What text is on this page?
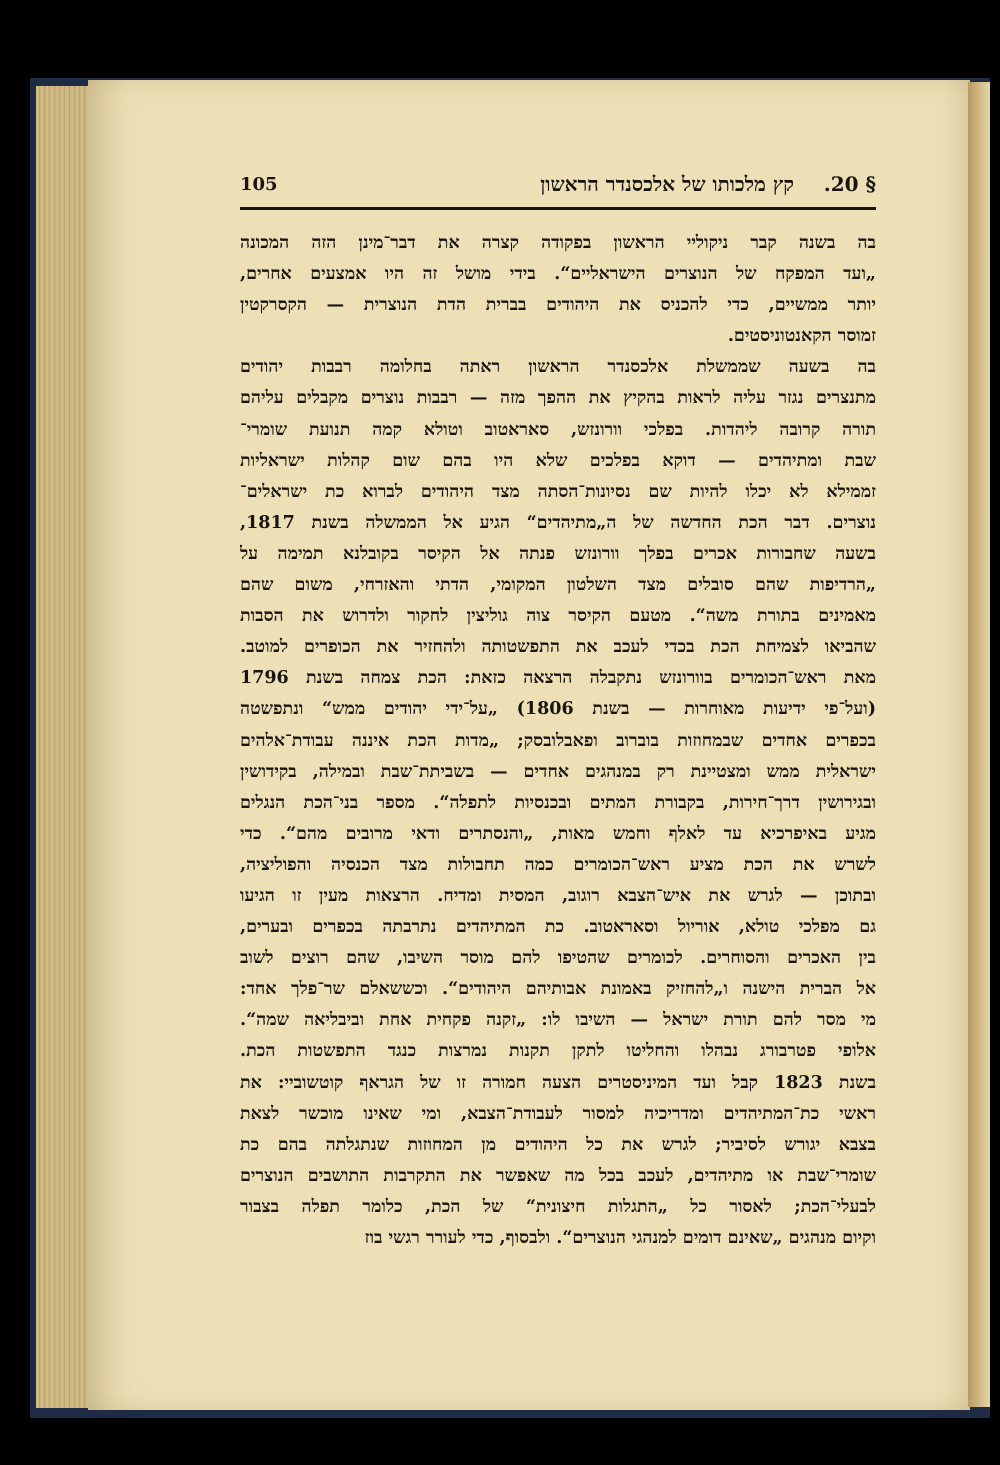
§ 20.
קץ מלכותו של אלכסנדר הראשון
105
בה בשנה קבר ניקוליי הראשון בפקודה קצרה את דבר־מינן הזה המכונה
„ועד המפקח של הנוצרים הישראליים“. בידי מושל זה היו אמצעים אחרים,
יותר ממשיים, כדי להכניס את היהודים בברית הדת הנוצרית — הקסרקטין
זמוסר הקאנטוניסטים.
בה בשעה שממשלת אלכסנדר הראשון ראתה בחלומה רבבות יהודים
מתנצרים נגזר עליה לראות בהקיץ את ההפך מזה — רבבות נוצרים מקבלים עליהם
תורה קרובה ליהדות. בפלכי וורונזש, סאראטוב וטולא קמה תנועת שומרי־
שבת ומתיהדים — דוקא בפלכים שלא היו בהם שום קהלות ישראליות
זממילא לא יכלו להיות שם נסיונות־הסתה מצד היהודים לברוא כת ישראלים־
נוצרים. דבר הכת החדשה של ה„מתיהדים“ הגיע אל הממשלה בשנת 1817,
בשעה שחבורות אכרים בפלך וורונזש פנתה אל הקיסר בקובלנא תמימה על
„הרדיפות שהם סובלים מצד השלטון המקומי, הדתי והאזרחי, משום שהם
מאמינים בתורת משה“. מטעם הקיסר צוה גוליצין לחקור ולדרוש את הסבות
שהביאו לצמיחת הכת בכדי לעכב את התפשטותה ולהחזיר את הכופרים למוטב.
מאת ראש־הכומרים בוורונזש נתקבלה הרצאה כזאת: הכת צמחה בשנת 1796
(ועל־פי ידיעות מאוחרות — בשנת 1806) „על־ידי יהודים ממש“ ונתפשטה
בכפרים אחדים שבמחוזות בוברוב ופאבלובסק; „מדות הכת איננה עבודת־אלהים
ישראלית ממש ומצטיינת רק במנהגים אחדים — בשביתת־שבת ובמילה, בקידושין
ובגירושין דרך־חירות, בקבורת המתים ובכנסיות לתפלה“. מספר בני־הכת הנגלים
מגיע באיפרכיא עד לאלף וחמש מאות, „והנסתרים ודאי מרובים מהם“. כדי
לשרש את הכת מציע ראש־הכומרים כמה תחבולות מצד הכנסיה והפוליציה,
ובתוכן — לגרש את איש־הצבא רוגוב, המסית ומדיח. הרצאות מעין זו הגיעו
גם מפלכי טולא, אוריול וסאראטוב. כת המתיהדים נתרבתה בכפרים ובערים,
בין האכרים והסוחרים. לכומרים שהטיפו להם מוסר השיבו, שהם רוצים לשוב
אל הברית הישנה ו„להחזיק באמונת אבותיהם היהודים“. וכששאלם שר־פלך אחד:
מי מסר להם תורת ישראל — השיבו לו: „זקנה פקחית אחת וביבליאה שמה“.
אלופי פטרבורג נבהלו והחליטו לתקן תקנות נמרצות כנגד התפשטות הכת.
בשנת 1823 קבל ועד המיניסטרים הצעה חמורה זו של הגראף קוטשוביי: את
ראשי כת־המתיהדים ומדריכיה למסור לעבודת־הצבא, ומי שאינו מוכשר לצאת
בצבא יגורש לסיביר; לגרש את כל היהודים מן המחוזות שנתגלתה בהם כת
שומרי־שבת או מתיהדים, לעכב בכל מה שאפשר את התקרבות התושבים הנוצרים
לבעלי־הכת; לאסור כל „התגלות חיצונית“ של הכת, כלומר תפלה בצבור
וקיום מנהגים „שאינם דומים למנהגי הנוצרים“. ולבסוף, כדי לעורר רגשי בוז
